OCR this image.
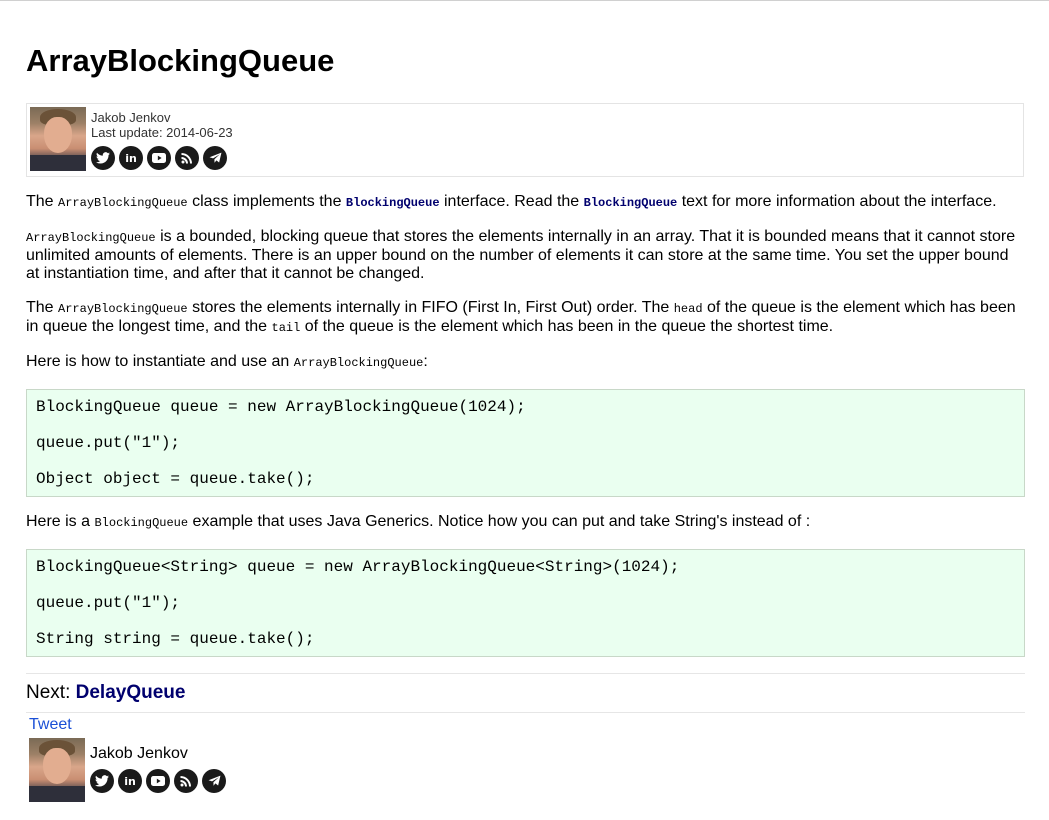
ArrayBlockingQueue
Jakob Jenkov
Last update: 2014-06-23
in

The ArrayBlockingQueue class implements the BlockingQueue interface. Read the BlockingQueue text for more information about the interface.

ArrayBlockingQueue is a bounded, blocking queue that stores the elements internally in an array. That it is bounded means that it cannot store unlimited amounts of elements. There is an upper bound on the number of elements it can store at the same time. You set the upper bound at instantiation time, and after that it cannot be changed.

The ArrayBlockingQueue stores the elements internally in FIFO (First In, First Out) order. The head of the queue is the element which has been in queue the longest time, and the tail of the queue is the element which has been in the queue the shortest time.

Here is how to instantiate and use an ArrayBlockingQueue:

BlockingQueue queue = new ArrayBlockingQueue(1024);
queue.put("1");
Object object = queue.take();

Here is a BlockingQueue example that uses Java Generics. Notice how you can put and take String's instead of :

BlockingQueue<String> queue = new ArrayBlockingQueue<String>(1024);
queue.put("1");
String string = queue.take();
Next: DelayQueue
Tweet
Jakob Jenkov
in
